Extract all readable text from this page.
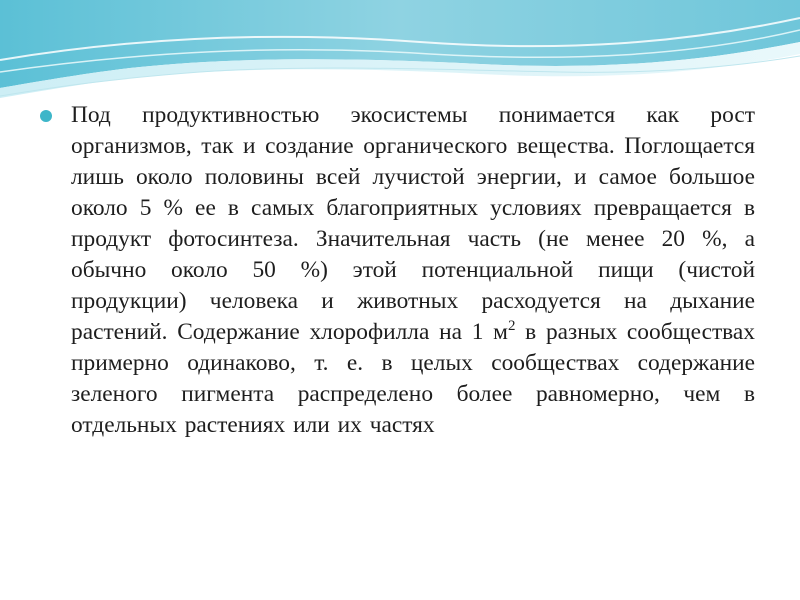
Под продуктивностью экосистемы понимается как рост организмов, так и создание органического вещества. Поглощается лишь около половины всей лучистой энергии, и самое большое около 5 % ее в самых благоприятных условиях превращается в продукт фотосинтеза. Значительная часть (не менее 20 %, а обычно около 50 %) этой потенциальной пищи (чистой продукции) человека и животных расходуется на дыхание растений. Содержание хлорофилла на 1 $м^2$ в разных сообществах примерно одинаково, т. е. в целых сообществах содержание зеленого пигмента распределено более равномерно, чем в отдельных растениях или их частях
